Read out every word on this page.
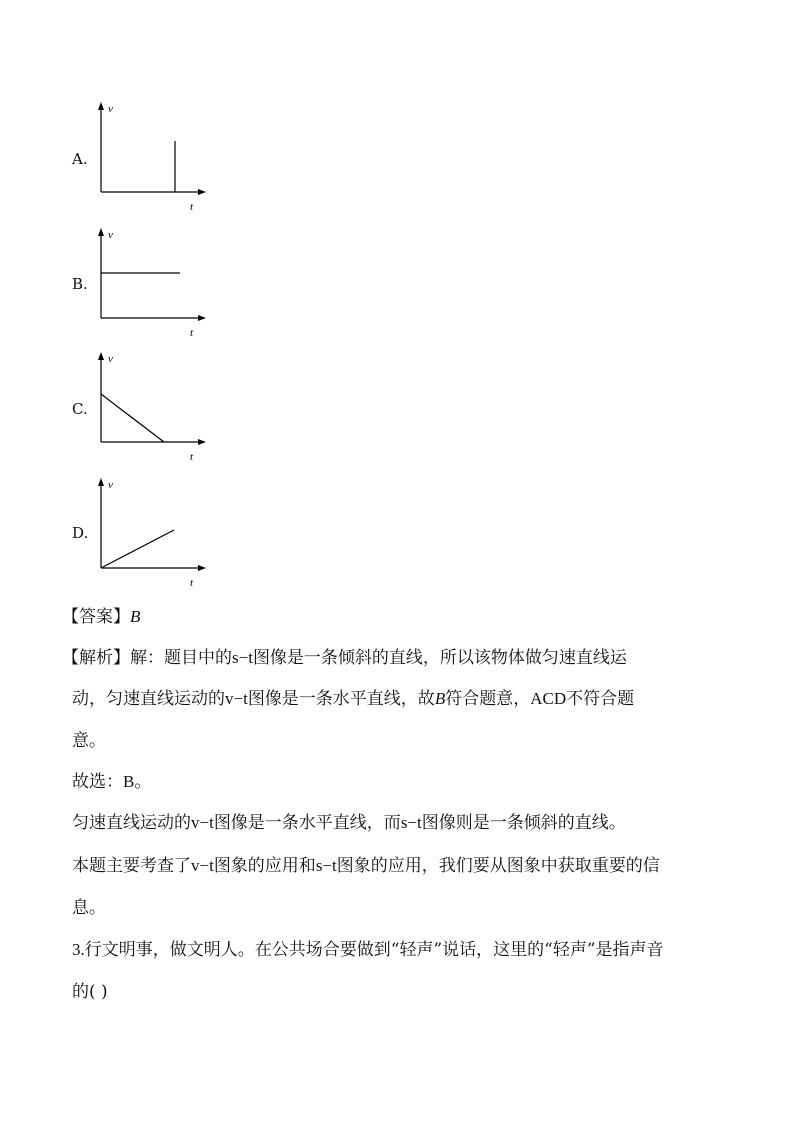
A.
v
t
B.
v
t
C.
v
t
D.
v
t
【答案】B
【解析】解：题目中的s−t图像是一条倾斜的直线，所以该物体做匀速直线运
动，匀速直线运动的v−t图像是一条水平直线，故B符合题意，ACD不符合题
意。
故选：B。
匀速直线运动的v−t图像是一条水平直线，而s−t图像则是一条倾斜的直线。
本题主要考查了v−t图象的应用和s−t图象的应用，我们要从图象中获取重要的信
息。
3.行文明事，做文明人。在公共场合要做到“轻声”说话，这里的“轻声”是指声音
的( )
